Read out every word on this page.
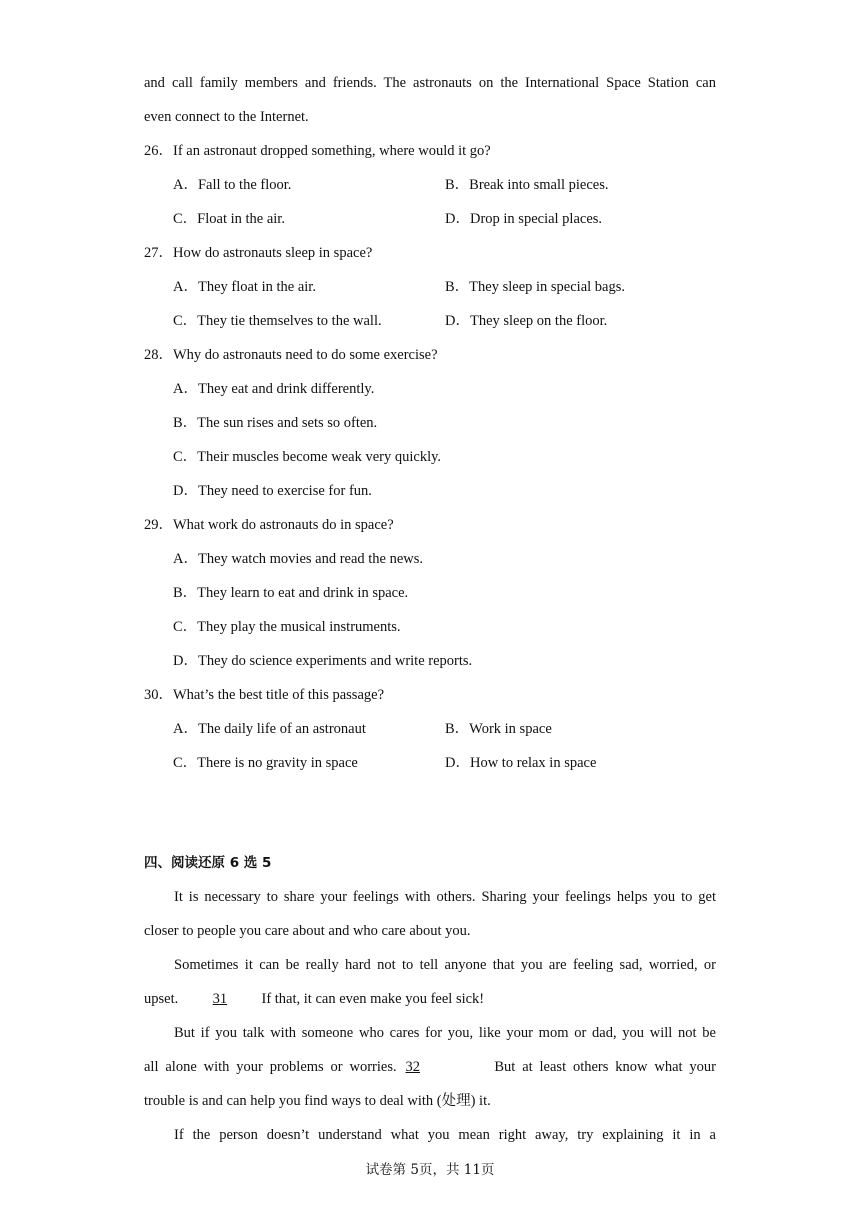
and call family members and friends. The astronauts on the International Space Station can
even connect to the Internet.
26．If an astronaut dropped something, where would it go?
A．Fall to the floor.	B．Break into small pieces.
C．Float in the air.	D．Drop in special places.
27．How do astronauts sleep in space?
A．They float in the air.	B．They sleep in special bags.
C．They tie themselves to the wall.	D．They sleep on the floor.
28．Why do astronauts need to do some exercise?
A．They eat and drink differently.
B．The sun rises and sets so often.
C．Their muscles become weak very quickly.
D．They need to exercise for fun.
29．What work do astronauts do in space?
A．They watch movies and read the news.
B．They learn to eat and drink in space.
C．They play the musical instruments.
D．They do science experiments and write reports.
30．What’s the best title of this passage?
A．The daily life of an astronaut	B．Work in space
C．There is no gravity in space	D．How to relax in space
四、阅读还原 6 选 5
It is necessary to share your feelings with others. Sharing your feelings helps you to get
closer to people you care about and who care about you.
Sometimes it can be really hard not to tell anyone that you are feeling sad, worried, or
upset. 31 If that, it can even make you feel sick!
But if you talk with someone who cares for you, like your mom or dad, you will not be
all alone with your problems or worries. 32	But at least others know what your
trouble is and can help you find ways to deal with (处理) it.
If the person doesn’t understand what you mean right away, try explaining it in a
试卷第 5页，共 11页
